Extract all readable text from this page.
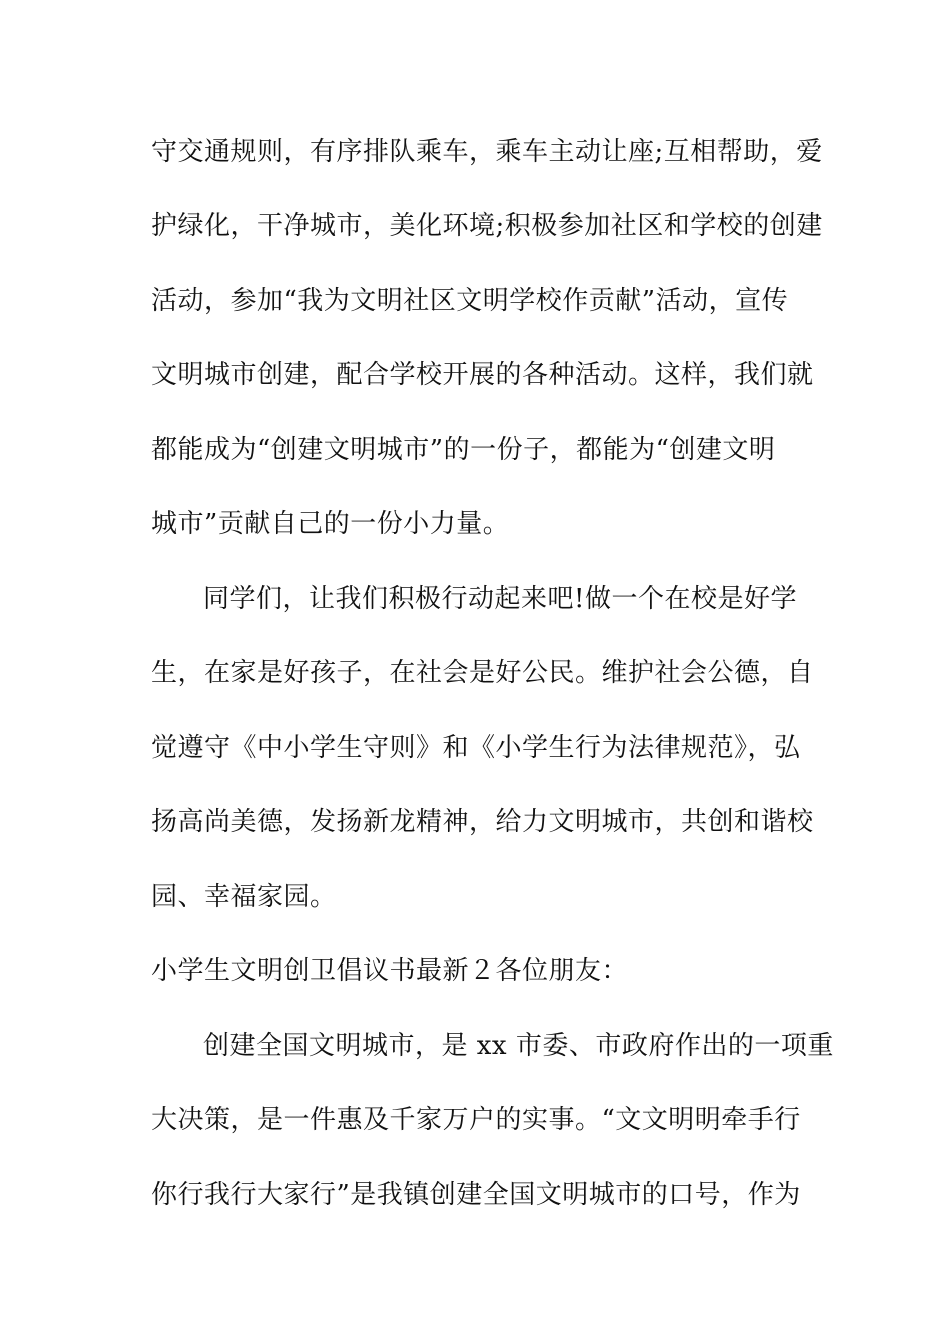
守交通规则，有序排队乘车，乘车主动让座;互相帮助，爱
护绿化，干净城市，美化环境;积极参加社区和学校的创建
活动，参加“我为文明社区文明学校作贡献”活动，宣传
文明城市创建，配合学校开展的各种活动。这样，我们就
都能成为“创建文明城市”的一份子，都能为“创建文明
城市”贡献自己的一份小力量。
同学们，让我们积极行动起来吧!做一个在校是好学
生，在家是好孩子，在社会是好公民。维护社会公德，自
觉遵守《中小学生守则》和《小学生行为法律规范》，弘
扬高尚美德，发扬新龙精神，给力文明城市，共创和谐校
园、幸福家园。
小学生文明创卫倡议书最新２各位朋友：
创建全国文明城市，是 xx 市委、市政府作出的一项重
大决策，是一件惠及千家万户的实事。“文文明明牵手行
你行我行大家行”是我镇创建全国文明城市的口号，作为
